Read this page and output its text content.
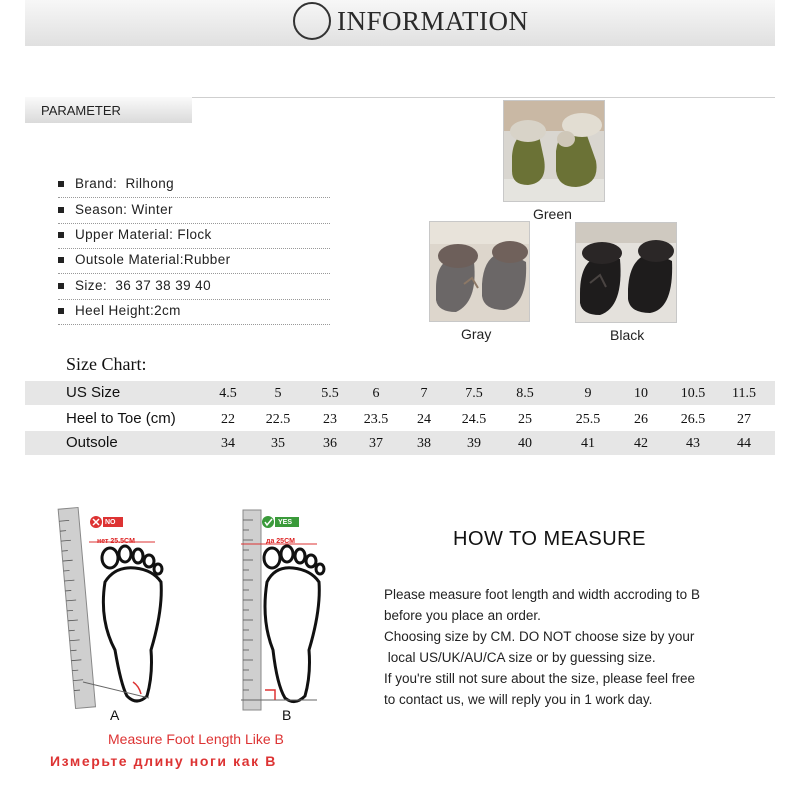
INFORMATION
PARAMETER
Brand:  Rilhong
Season: Winter
Upper Material: Flock
Outsole Material:Rubber
Size:  36 37 38 39 40
Heel Height:2cm
Green
Gray	Black
Size Chart:
US Size	4.5	5	5.5	6	7	7.5	8.5	9	10	10.5	11.5
Heel to Toe (cm)	22	22.5	23	23.5	24	24.5	25	25.5	26	26.5	27
Outsole	34	35	36	37	38	39	40	41	42	43	44
NO	YES
нет 25.5CM	да 25CM
A	B
Measure Foot Length Like B
Измерьте длину ноги как B
HOW TO MEASURE
Please measure foot length and width accroding to B
before you place an order.
Choosing size by CM. DO NOT choose size by your
local US/UK/AU/CA size or by guessing size.
If you're still not sure about the size, please feel free
to contact us, we will reply you in 1 work day.
